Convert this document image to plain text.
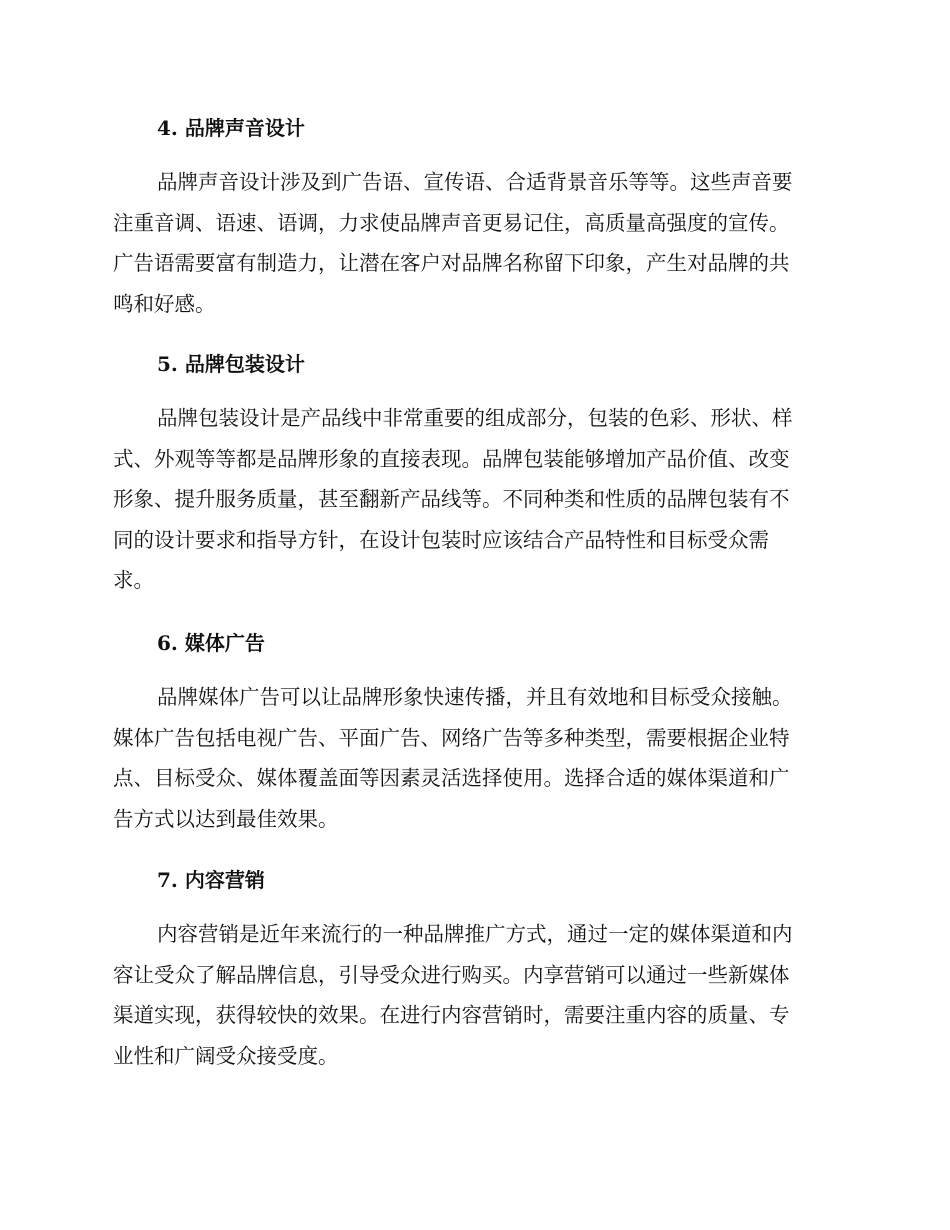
4. 品牌声音设计
品牌声音设计涉及到广告语、宣传语、合适背景音乐等等。这些声音要
注重音调、语速、语调，力求使品牌声音更易记住，高质量高强度的宣传。
广告语需要富有制造力，让潜在客户对品牌名称留下印象，产生对品牌的共
鸣和好感。
5. 品牌包装设计
品牌包装设计是产品线中非常重要的组成部分，包装的色彩、形状、样
式、外观等等都是品牌形象的直接表现。品牌包装能够增加产品价值、改变
形象、提升服务质量，甚至翻新产品线等。不同种类和性质的品牌包装有不
同的设计要求和指导方针，在设计包装时应该结合产品特性和目标受众需
求。
6. 媒体广告
品牌媒体广告可以让品牌形象快速传播，并且有效地和目标受众接触。
媒体广告包括电视广告、平面广告、网络广告等多种类型，需要根据企业特
点、目标受众、媒体覆盖面等因素灵活选择使用。选择合适的媒体渠道和广
告方式以达到最佳效果。
7. 内容营销
内容营销是近年来流行的一种品牌推广方式，通过一定的媒体渠道和内
容让受众了解品牌信息，引导受众进行购买。内享营销可以通过一些新媒体
渠道实现，获得较快的效果。在进行内容营销时，需要注重内容的质量、专
业性和广阔受众接受度。
